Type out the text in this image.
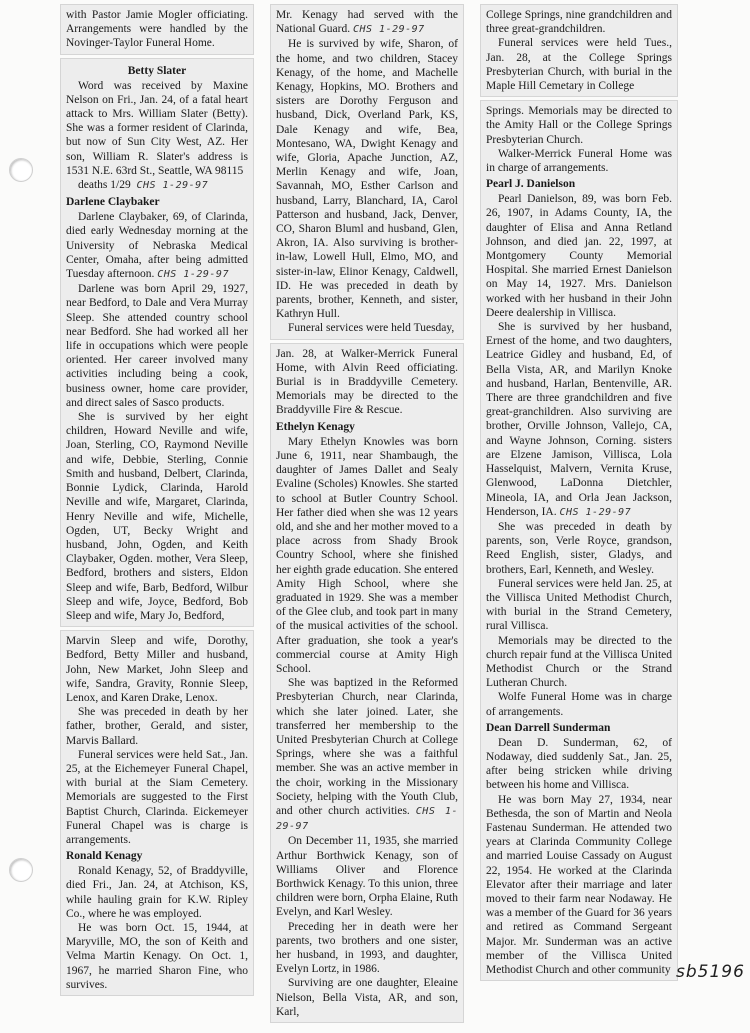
with Pastor Jamie Mogler officiating. Arrangements were handled by the Novinger-Taylor Funeral Home.

Betty Slater

Word was received by Maxine Nelson on Fri., Jan. 24, of a fatal heart attack to Mrs. William Slater (Betty). She was a former resident of Clarinda, but now of Sun City West, AZ. Her son, William R. Slater's address is 1531 N.E. 63rd St., Seattle, WA 98115

deaths 1/29 CHS 1-29-97

Darlene Claybaker

Darlene Claybaker, 69, of Clarinda, died early Wednesday morning at the University of Nebraska Medical Center, Omaha, after being admitted Tuesday afternoon. CHS 1-29-97

Darlene was born April 29, 1927, near Bedford, to Dale and Vera Murray Sleep. She attended country school near Bedford. She had worked all her life in occupations which were people oriented. Her career involved many activities including being a cook, business owner, home care provider, and direct sales of Sasco products.

She is survived by her eight children, Howard Neville and wife, Joan, Sterling, CO, Raymond Neville and wife, Debbie, Sterling, Connie Smith and husband, Delbert, Clarinda, Bonnie Lydick, Clarinda, Harold Neville and wife, Margaret, Clarinda, Henry Neville and wife, Michelle, Ogden, UT, Becky Wright and husband, John, Ogden, and Keith Claybaker, Ogden. mother, Vera Sleep, Bedford, brothers and sisters, Eldon Sleep and wife, Barb, Bedford, Wilbur Sleep and wife, Joyce, Bedford, Bob Sleep and wife, Mary Jo, Bedford,

Marvin Sleep and wife, Dorothy, Bedford, Betty Miller and husband, John, New Market, John Sleep and wife, Sandra, Gravity, Ronnie Sleep, Lenox, and Karen Drake, Lenox.

She was preceded in death by her father, brother, Gerald, and sister, Marvis Ballard.

Funeral services were held Sat., Jan. 25, at the Eichemeyer Funeral Chapel, with burial at the Siam Cemetery. Memorials are suggested to the First Baptist Church, Clarinda. Eickemeyer Funeral Chapel was is charge is arrangements.

Ronald Kenagy

Ronald Kenagy, 52, of Braddyville, died Fri., Jan. 24, at Atchison, KS, while hauling grain for K.W. Ripley Co., where he was employed.

He was born Oct. 15, 1944, at Maryville, MO, the son of Keith and Velma Martin Kenagy. On Oct. 1, 1967, he married Sharon Fine, who survives.

Mr. Kenagy had served with the National Guard. CHS 1-29-97

He is survived by wife, Sharon, of the home, and two children, Stacey Kenagy, of the home, and Machelle Kenagy, Hopkins, MO. Brothers and sisters are Dorothy Ferguson and husband, Dick, Overland Park, KS, Dale Kenagy and wife, Bea, Montesano, WA, Dwight Kenagy and wife, Gloria, Apache Junction, AZ, Merlin Kenagy and wife, Joan, Savannah, MO, Esther Carlson and husband, Larry, Blanchard, IA, Carol Patterson and husband, Jack, Denver, CO, Sharon Bluml and husband, Glen, Akron, IA. Also surviving is brother-in-law, Lowell Hull, Elmo, MO, and sister-in-law, Elinor Kenagy, Caldwell, ID. He was preceded in death by parents, brother, Kenneth, and sister, Kathryn Hull.

Funeral services were held Tuesday,

Jan. 28, at Walker-Merrick Funeral Home, with Alvin Reed officiating. Burial is in Braddyville Cemetery. Memorials may be directed to the Braddyville Fire & Rescue.

Ethelyn Kenagy

Mary Ethelyn Knowles was born June 6, 1911, near Shambaugh, the daughter of James Dallet and Sealy Evaline (Scholes) Knowles. She started to school at Butler Country School. Her father died when she was 12 years old, and she and her mother moved to a place across from Shady Brook Country School, where she finished her eighth grade education. She entered Amity High School, where she graduated in 1929. She was a member of the Glee club, and took part in many of the musical activities of the school. After graduation, she took a year's commercial course at Amity High School.

She was baptized in the Reformed Presbyterian Church, near Clarinda, which she later joined. Later, she transferred her membership to the United Presbyterian Church at College Springs, where she was a faithful member. She was an active member in the choir, working in the Missionary Society, helping with the Youth Club, and other church activities. CHS 1-29-97

On December 11, 1935, she married Arthur Borthwick Kenagy, son of Williams Oliver and Florence Borthwick Kenagy. To this union, three children were born, Orpha Elaine, Ruth Evelyn, and Karl Wesley.

Preceding her in death were her parents, two brothers and one sister, her husband, in 1993, and daughter, Evelyn Lortz, in 1986.

Surviving are one daughter, Eleaine Nielson, Bella Vista, AR, and son, Karl,

College Springs, nine grandchildren and three great-grandchildren.

Funeral services were held Tues., Jan. 28, at the College Springs Presbyterian Church, with burial in the Maple Hill Cemetary in College

Springs. Memorials may be directed to the Amity Hall or the College Springs Presbyterian Church.

Walker-Merrick Funeral Home was in charge of arrangements.

Pearl J. Danielson

Pearl Danielson, 89, was born Feb. 26, 1907, in Adams County, IA, the daughter of Elisa and Anna Retland Johnson, and died jan. 22, 1997, at Montgomery County Memorial Hospital. She married Ernest Danielson on May 14, 1927. Mrs. Danielson worked with her husband in their John Deere dealership in Villisca.

She is survived by her husband, Ernest of the home, and two daughters, Leatrice Gidley and husband, Ed, of Bella Vista, AR, and Marilyn Knoke and husband, Harlan, Bentenville, AR. There are three grandchildren and five great-granchildren. Also surviving are brother, Orville Johnson, Vallejo, CA, and Wayne Johnson, Corning. sisters are Elzene Jamison, Villisca, Lola Hasselquist, Malvern, Vernita Kruse, Glenwood, LaDonna Dietchler, Mineola, IA, and Orla Jean Jackson, Henderson, IA. CHS 1-29-97

She was preceded in death by parents, son, Verle Royce, grandson, Reed English, sister, Gladys, and brothers, Earl, Kenneth, and Wesley.

Funeral services were held Jan. 25, at the Villisca United Methodist Church, with burial in the Strand Cemetery, rural Villisca.

Memorials may be directed to the church repair fund at the Villisca United Methodist Church or the Strand Lutheran Church.

Wolfe Funeral Home was in charge of arrangements.

Dean Darrell Sunderman

Dean D. Sunderman, 62, of Nodaway, died suddenly Sat., Jan. 25, after being stricken while driving between his home and Villisca.

He was born May 27, 1934, near Bethesda, the son of Martin and Neola Fastenau Sunderman. He attended two years at Clarinda Community College and married Louise Cassady on August 22, 1954. He worked at the Clarinda Elevator after their marriage and later moved to their farm near Nodaway. He was a member of the Guard for 36 years and retired as Command Sergeant Major. Mr. Sunderman was an active member of the Villisca United Methodist Church and other community sb5196
